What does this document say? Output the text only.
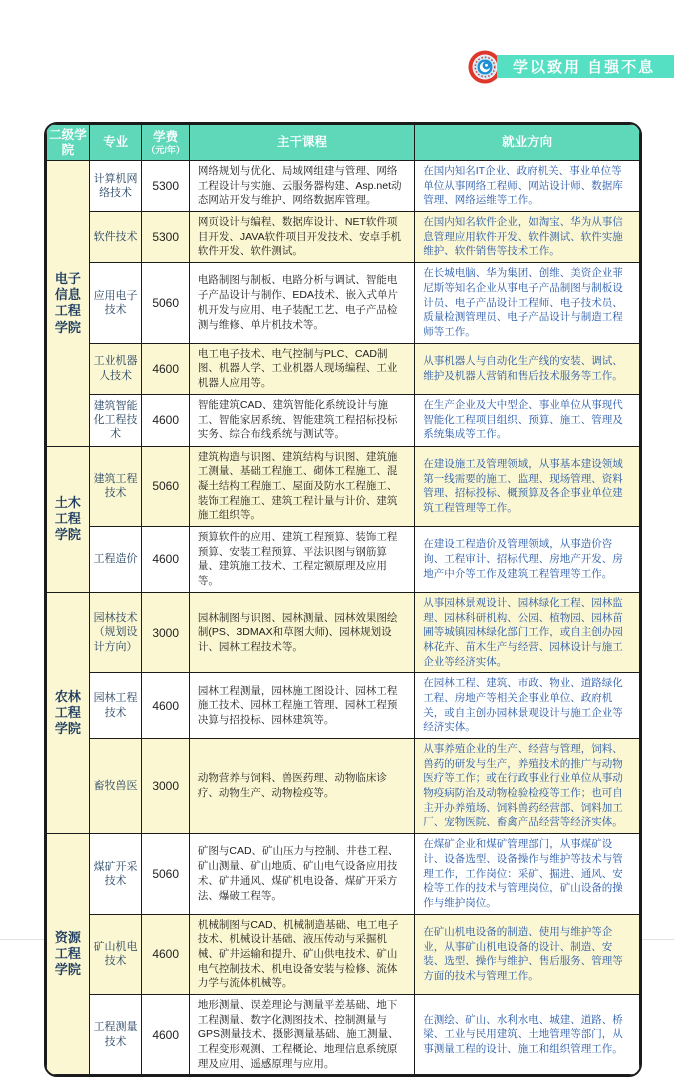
学以致用 自强不息
二级学院	专业	学费
（元/年）	主干课程	就业方向
电子信息工程学院	计算机网络技术	5300	网络规划与优化、局域网组建与管理、网络工程设计与实施、云服务器构建、Asp.net动态网站开发与维护、网络数据库管理。	在国内知名IT企业、政府机关、事业单位等单位从事网络工程师、网站设计师、数据库管理、网络运维等工作。
	软件技术	5300	网页设计与编程、数据库设计、NET软件项目开发、JAVA软件项目开发技术、安卓手机软件开发、软件测试。	在国内知名软件企业，如淘宝、华为从事信息管理应用软件开发、软件测试、软件实施维护、软件销售等技术工作。
	应用电子技术	5060	电路制图与制板、电路分析与调试、智能电子产品设计与制作、EDA技术、嵌入式单片机开发与应用、电子装配工艺、电子产品检测与维修、单片机技术等。	在长城电脑、华为集团、创维、美资企业菲尼斯等知名企业从事电子产品制图与制板设计员、电子产品设计工程师、电子技术员、质量检测管理员、电子产品设计与制造工程师等工作。
	工业机器人技术	4600	电工电子技术、电气控制与PLC、CAD制图、机器人学、工业机器人现场编程、工业机器人应用等。	从事机器人与自动化生产线的安装、调试、维护及机器人营销和售后技术服务等工作。
	建筑智能化工程技术	4600	智能建筑CAD、建筑智能化系统设计与施工、智能家居系统、智能建筑工程招标投标实务、综合布线系统与测试等。	在生产企业及大中型企、事业单位从事现代智能化工程项目组织、预算、施工、管理及系统集成等工作。
土木工程学院	建筑工程技术	5060	建筑构造与识图、建筑结构与识图、建筑施工测量、基础工程施工、砌体工程施工、混凝土结构工程施工、屋面及防水工程施工、装饰工程施工、建筑工程计量与计价、建筑施工组织等。	在建设施工及管理领域，从事基本建设领域第一线需要的施工、监理、现场管理、资料管理、招标投标、概预算及各企事业单位建筑工程管理等工作。
	工程造价	4600	预算软件的应用、建筑工程预算、装饰工程预算、安装工程预算、平法识图与钢筋算量、建筑施工技术、工程定额原理及应用等。	在建设工程造价及管理领域，从事造价咨询、工程审计、招标代理、房地产开发、房地产中介等工作及建筑工程管理等工作。
农林工程学院	园林技术（规划设计方向）	3000	园林制图与识图、园林测量、园林效果图绘制(PS、3DMAX和草图大师)、园林规划设计、园林工程技术等。	从事园林景观设计、园林绿化工程、园林监理、园林科研机构、公园、植物园、园林苗圃等城镇园林绿化部门工作，或自主创办园林花卉、苗木生产与经营、园林设计与施工企业等经济实体。
	园林工程技术	4600	园林工程测量，园林施工图设计、园林工程施工技术、园林工程施工管理、园林工程预决算与招投标、园林建筑等。	在园林工程、建筑、市政、物业、道路绿化工程、房地产等相关企事业单位、政府机关，或自主创办园林景观设计与施工企业等经济实体。
	畜牧兽医	3000	动物营养与饲料、兽医药理、动物临床诊疗、动物生产、动物检疫等。	从事养殖企业的生产、经营与管理，饲料、兽药的研发与生产，养殖技术的推广与动物医疗等工作；或在行政事业行业单位从事动物疫病防治及动物检验检疫等工作；也可自主开办养殖场、饲料兽药经营部、饲料加工厂、宠物医院、畜禽产品经营等经济实体。
资源工程学院	煤矿开采技术	5060	矿图与CAD、矿山压力与控制、井巷工程、矿山测量、矿山地质、矿山电气设备应用技术、矿井通风、煤矿机电设备、煤矿开采方法、爆破工程等。	在煤矿企业和煤矿管理部门，从事煤矿设计、设备选型、设备操作与维护等技术与管理工作，工作岗位：采矿、掘进、通风、安检等工作的技术与管理岗位，矿山设备的操作与维护岗位。
	矿山机电技术	4600	机械制图与CAD、机械制造基础、电工电子技术、机械设计基础、液压传动与采掘机械、矿井运输和提升、矿山供电技术、矿山电气控制技术、机电设备安装与检修、流体力学与流体机械等。	在矿山机电设备的制造、使用与维护等企业，从事矿山机电设备的设计、制造、安装、选型、操作与维护、售后服务、管理等方面的技术与管理工作。
	工程测量技术	4600	地形测量、误差理论与测量平差基础、地下工程测量、数字化测图技术、控制测量与GPS测量技术、摄影测量基础、施工测量、工程变形观测、工程概论、地理信息系统原理及应用、遥感原理与应用。	在测绘、矿山、水利水电、城建、道路、桥梁、工业与民用建筑、土地管理等部门，从事测量工程的设计、施工和组织管理工作。
